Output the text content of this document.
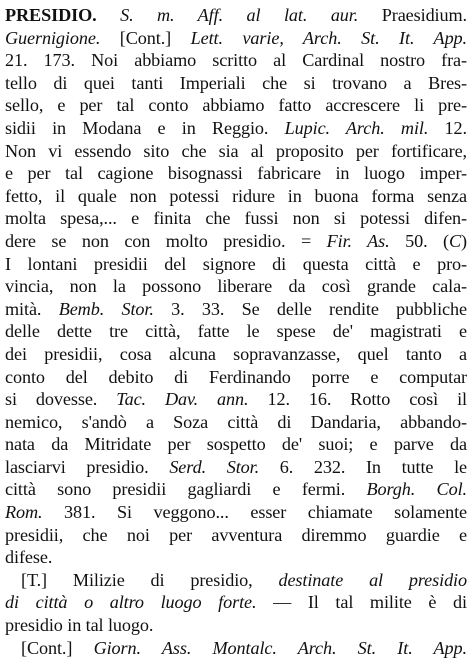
PRESIDIO. S. m. Aff. al lat. aur. Praesidium.
Guernigione. [Cont.] Lett. varie, Arch. St. It. App.
21. 173. Noi abbiamo scritto al Cardinal nostro fra-
tello di quei tanti Imperiali che si trovano a Bres-
sello, e per tal conto abbiamo fatto accrescere li pre-
sidii in Modana e in Reggio. Lupic. Arch. mil. 12.
Non vi essendo sito che sia al proposito per fortificare,
e per tal cagione bisognassi fabricare in luogo imper-
fetto, il quale non potessi ridure in buona forma senza
molta spesa,... e finita che fussi non si potessi difen-
dere se non con molto presidio. = Fir. As. 50. (C)
I lontani presidii del signore di questa città e pro-
vincia, non la possono liberare da così grande cala-
mità. Bemb. Stor. 3. 33. Se delle rendite pubbliche
delle dette tre città, fatte le spese de' magistrati e
dei presidii, cosa alcuna sopravanzasse, quel tanto a
conto del debito di Ferdinando porre e computar
si dovesse. Tac. Dav. ann. 12. 16. Rotto così il
nemico, s'andò a Soza città di Dandaria, abbando-
nata da Mitridate per sospetto de' suoi; e parve da
lasciarvi presidio. Serd. Stor. 6. 232. In tutte le
città sono presidii gagliardi e fermi. Borgh. Col.
Rom. 381. Si veggono... esser chiamate solamente
presidii, che noi per avventura diremmo guardie e
difese.
[T.] Milizie di presidio, destinate al presidio
di città o altro luogo forte. — Il tal milite è di
presidio in tal luogo.
[Cont.] Giorn. Ass. Montalc. Arch. St. It. App.
